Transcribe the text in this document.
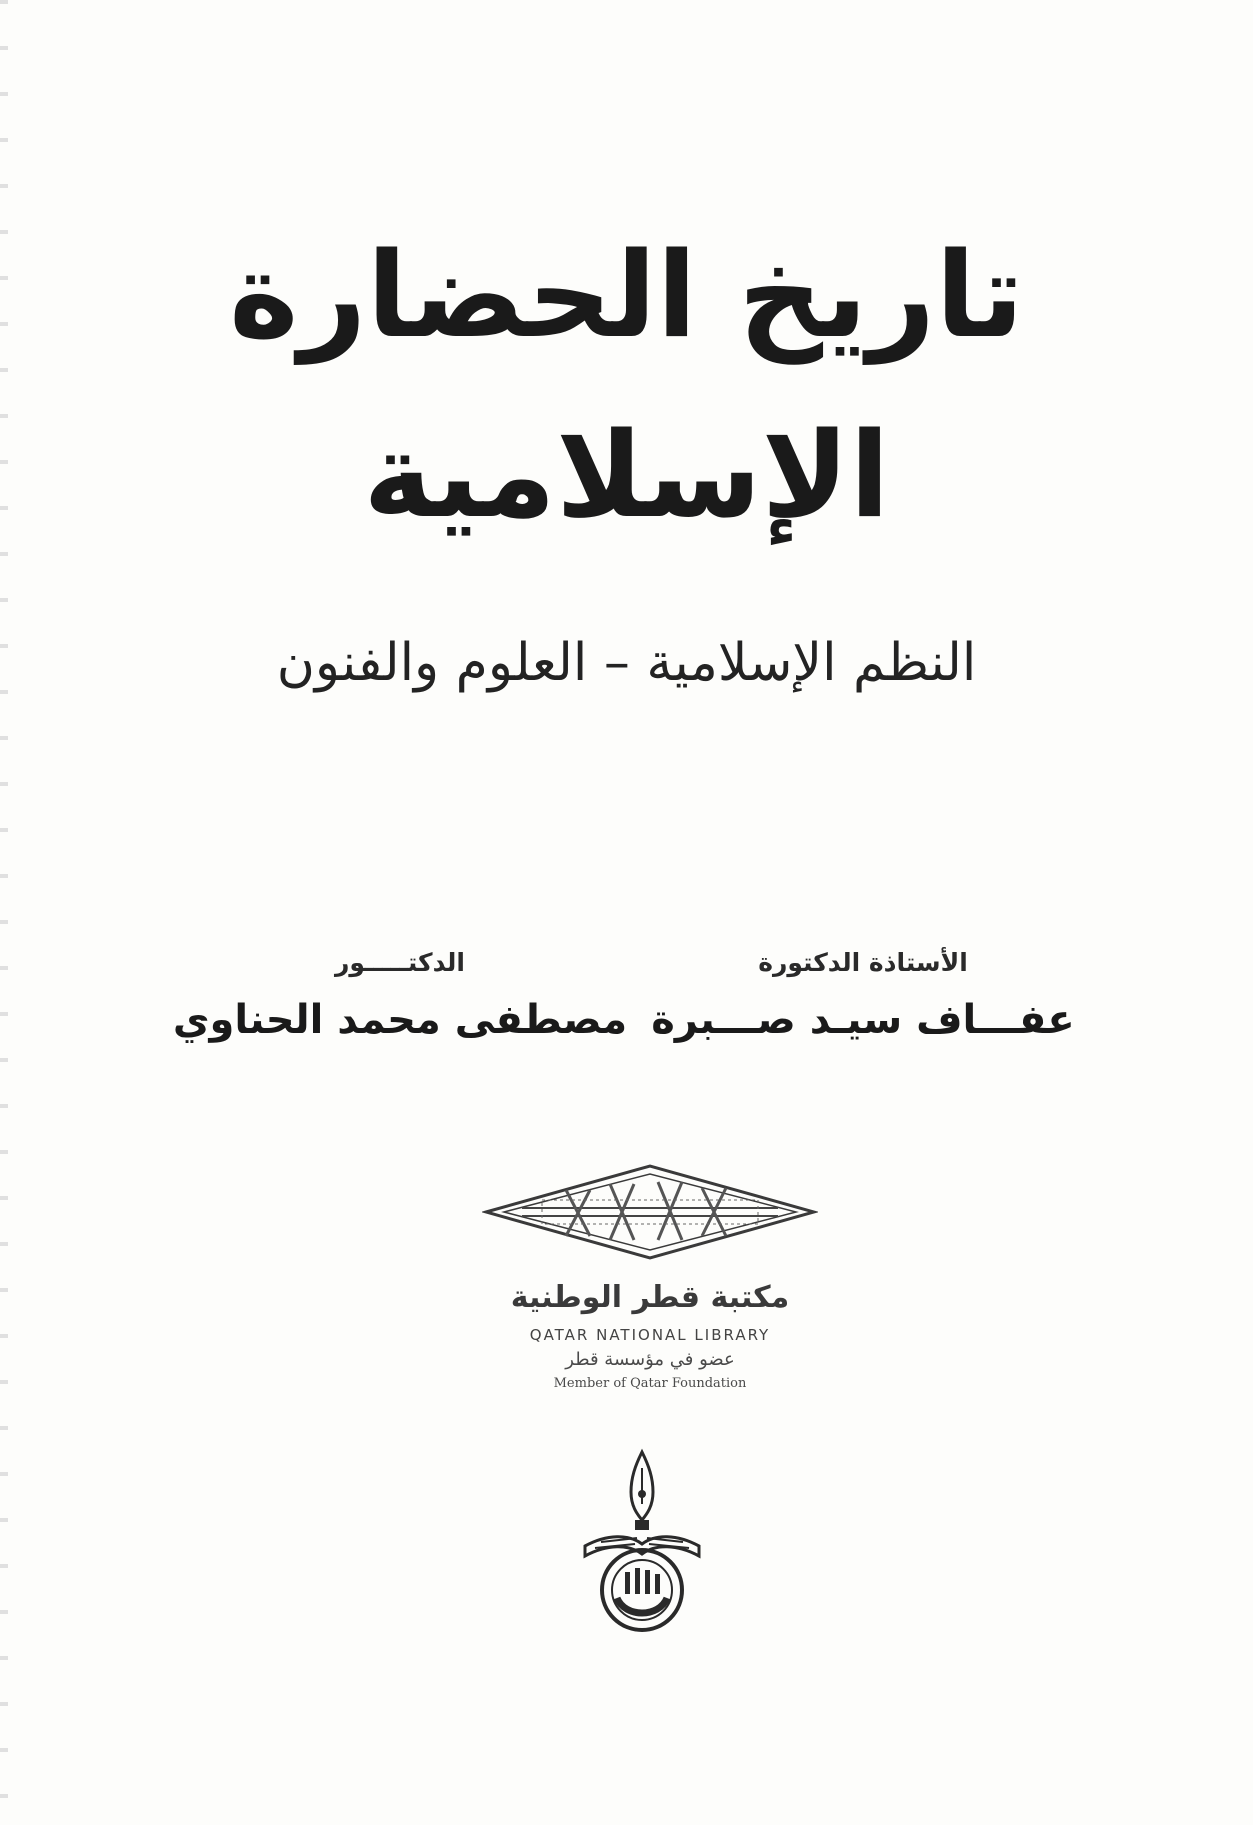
تاريخ الحضارة
الإسلامية
النظم الإسلامية – العلوم والفنون
الأستاذة الدكتورة
عفـــاف سيـد صـــبرة
الدكتـــــور
مصطفى محمد الحناوي
مكتبة قطر الوطنية
QATAR NATIONAL LIBRARY
عضو في مؤسسة قطر
Member of Qatar Foundation
